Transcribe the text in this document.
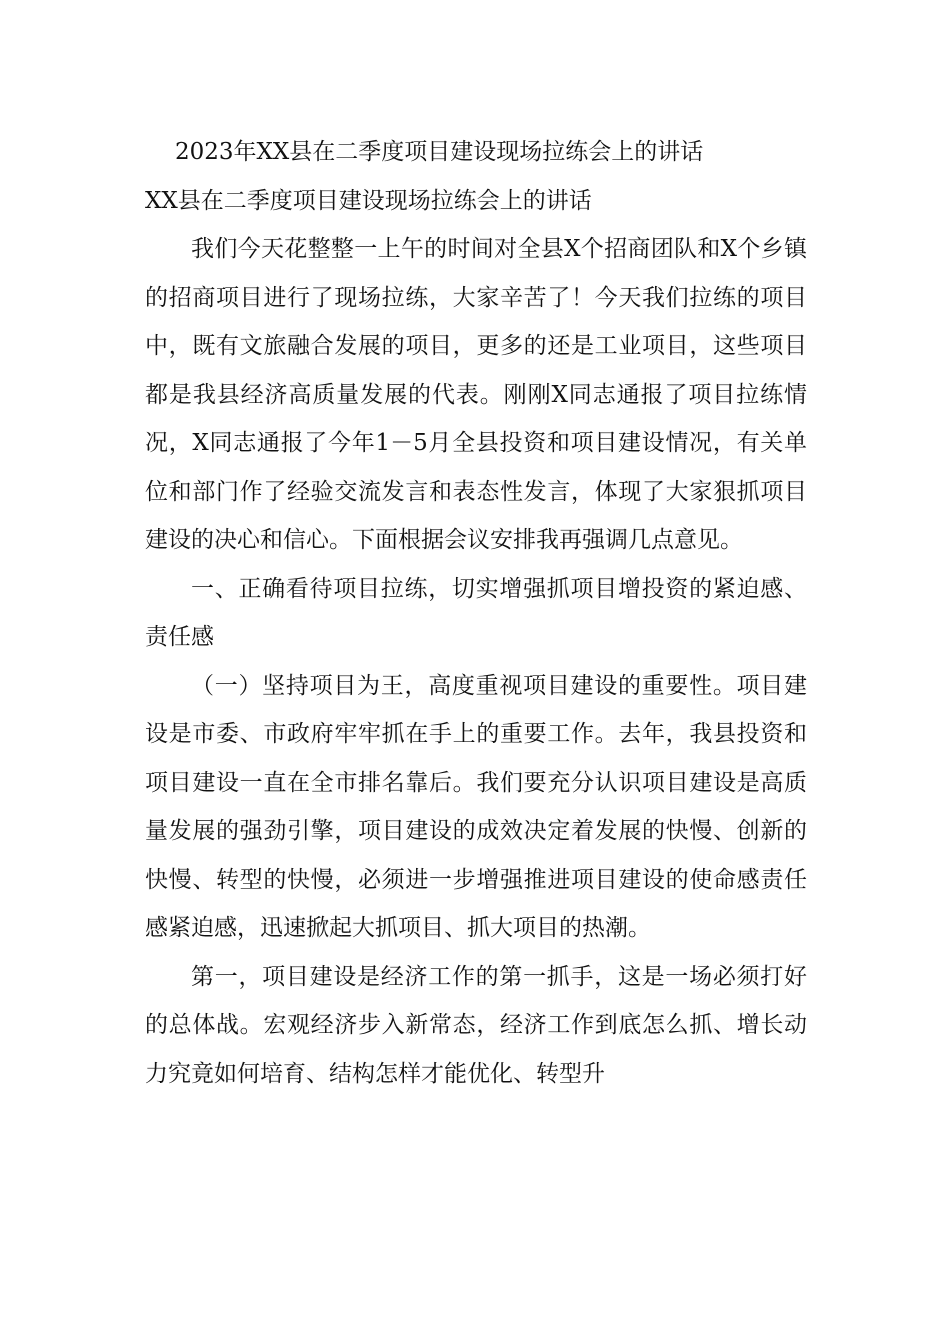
2023年XX县在二季度项目建设现场拉练会上的讲话

XX县在二季度项目建设现场拉练会上的讲话

我们今天花整整一上午的时间对全县X个招商团队和X个乡镇的招商项目进行了现场拉练，大家辛苦了！今天我们拉练的项目中，既有文旅融合发展的项目，更多的还是工业项目，这些项目都是我县经济高质量发展的代表。刚刚X同志通报了项目拉练情况，X同志通报了今年1－5月全县投资和项目建设情况，有关单位和部门作了经验交流发言和表态性发言，体现了大家狠抓项目建设的决心和信心。下面根据会议安排我再强调几点意见。

一、正确看待项目拉练，切实增强抓项目增投资的紧迫感、责任感

（一）坚持项目为王，高度重视项目建设的重要性。项目建设是市委、市政府牢牢抓在手上的重要工作。去年，我县投资和项目建设一直在全市排名靠后。我们要充分认识项目建设是高质量发展的强劲引擎，项目建设的成效决定着发展的快慢、创新的快慢、转型的快慢，必须进一步增强推进项目建设的使命感责任感紧迫感，迅速掀起大抓项目、抓大项目的热潮。

第一，项目建设是经济工作的第一抓手，这是一场必须打好的总体战。宏观经济步入新常态，经济工作到底怎么抓、增长动力究竟如何培育、结构怎样才能优化、转型升
